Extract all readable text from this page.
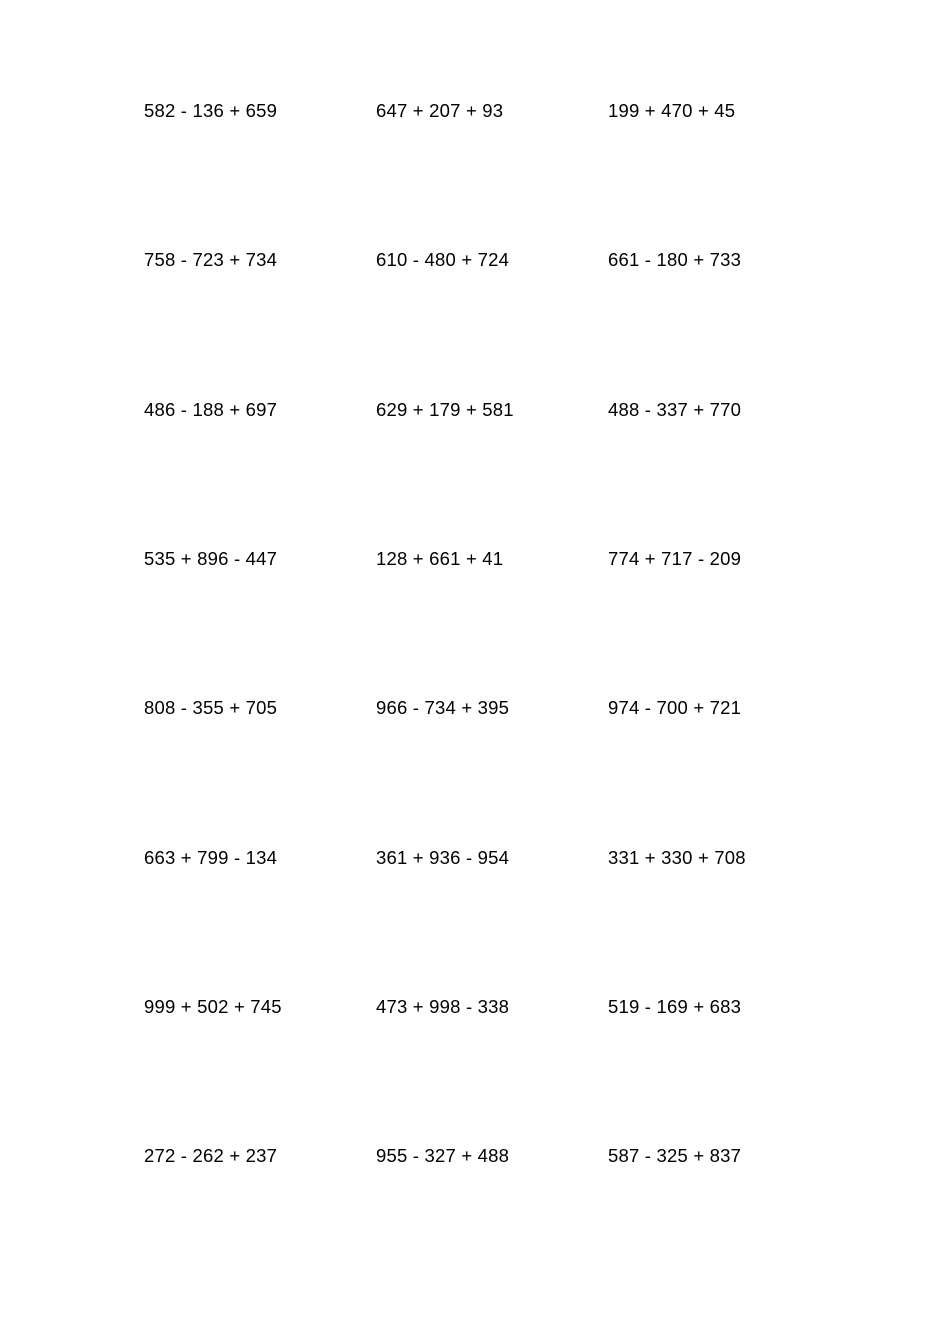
582 - 136 + 659	647 + 207 + 93	199 + 470 + 45
758 - 723 + 734	610 - 480 + 724	661 - 180 + 733
486 - 188 + 697	629 + 179 + 581	488 - 337 + 770
535 + 896 - 447	128 + 661 + 41	774 + 717 - 209
808 - 355 + 705	966 - 734 + 395	974 - 700 + 721
663 + 799 - 134	361 + 936 - 954	331 + 330 + 708
999 + 502 + 745	473 + 998 - 338	519 - 169 + 683
272 - 262 + 237	955 - 327 + 488	587 - 325 + 837
